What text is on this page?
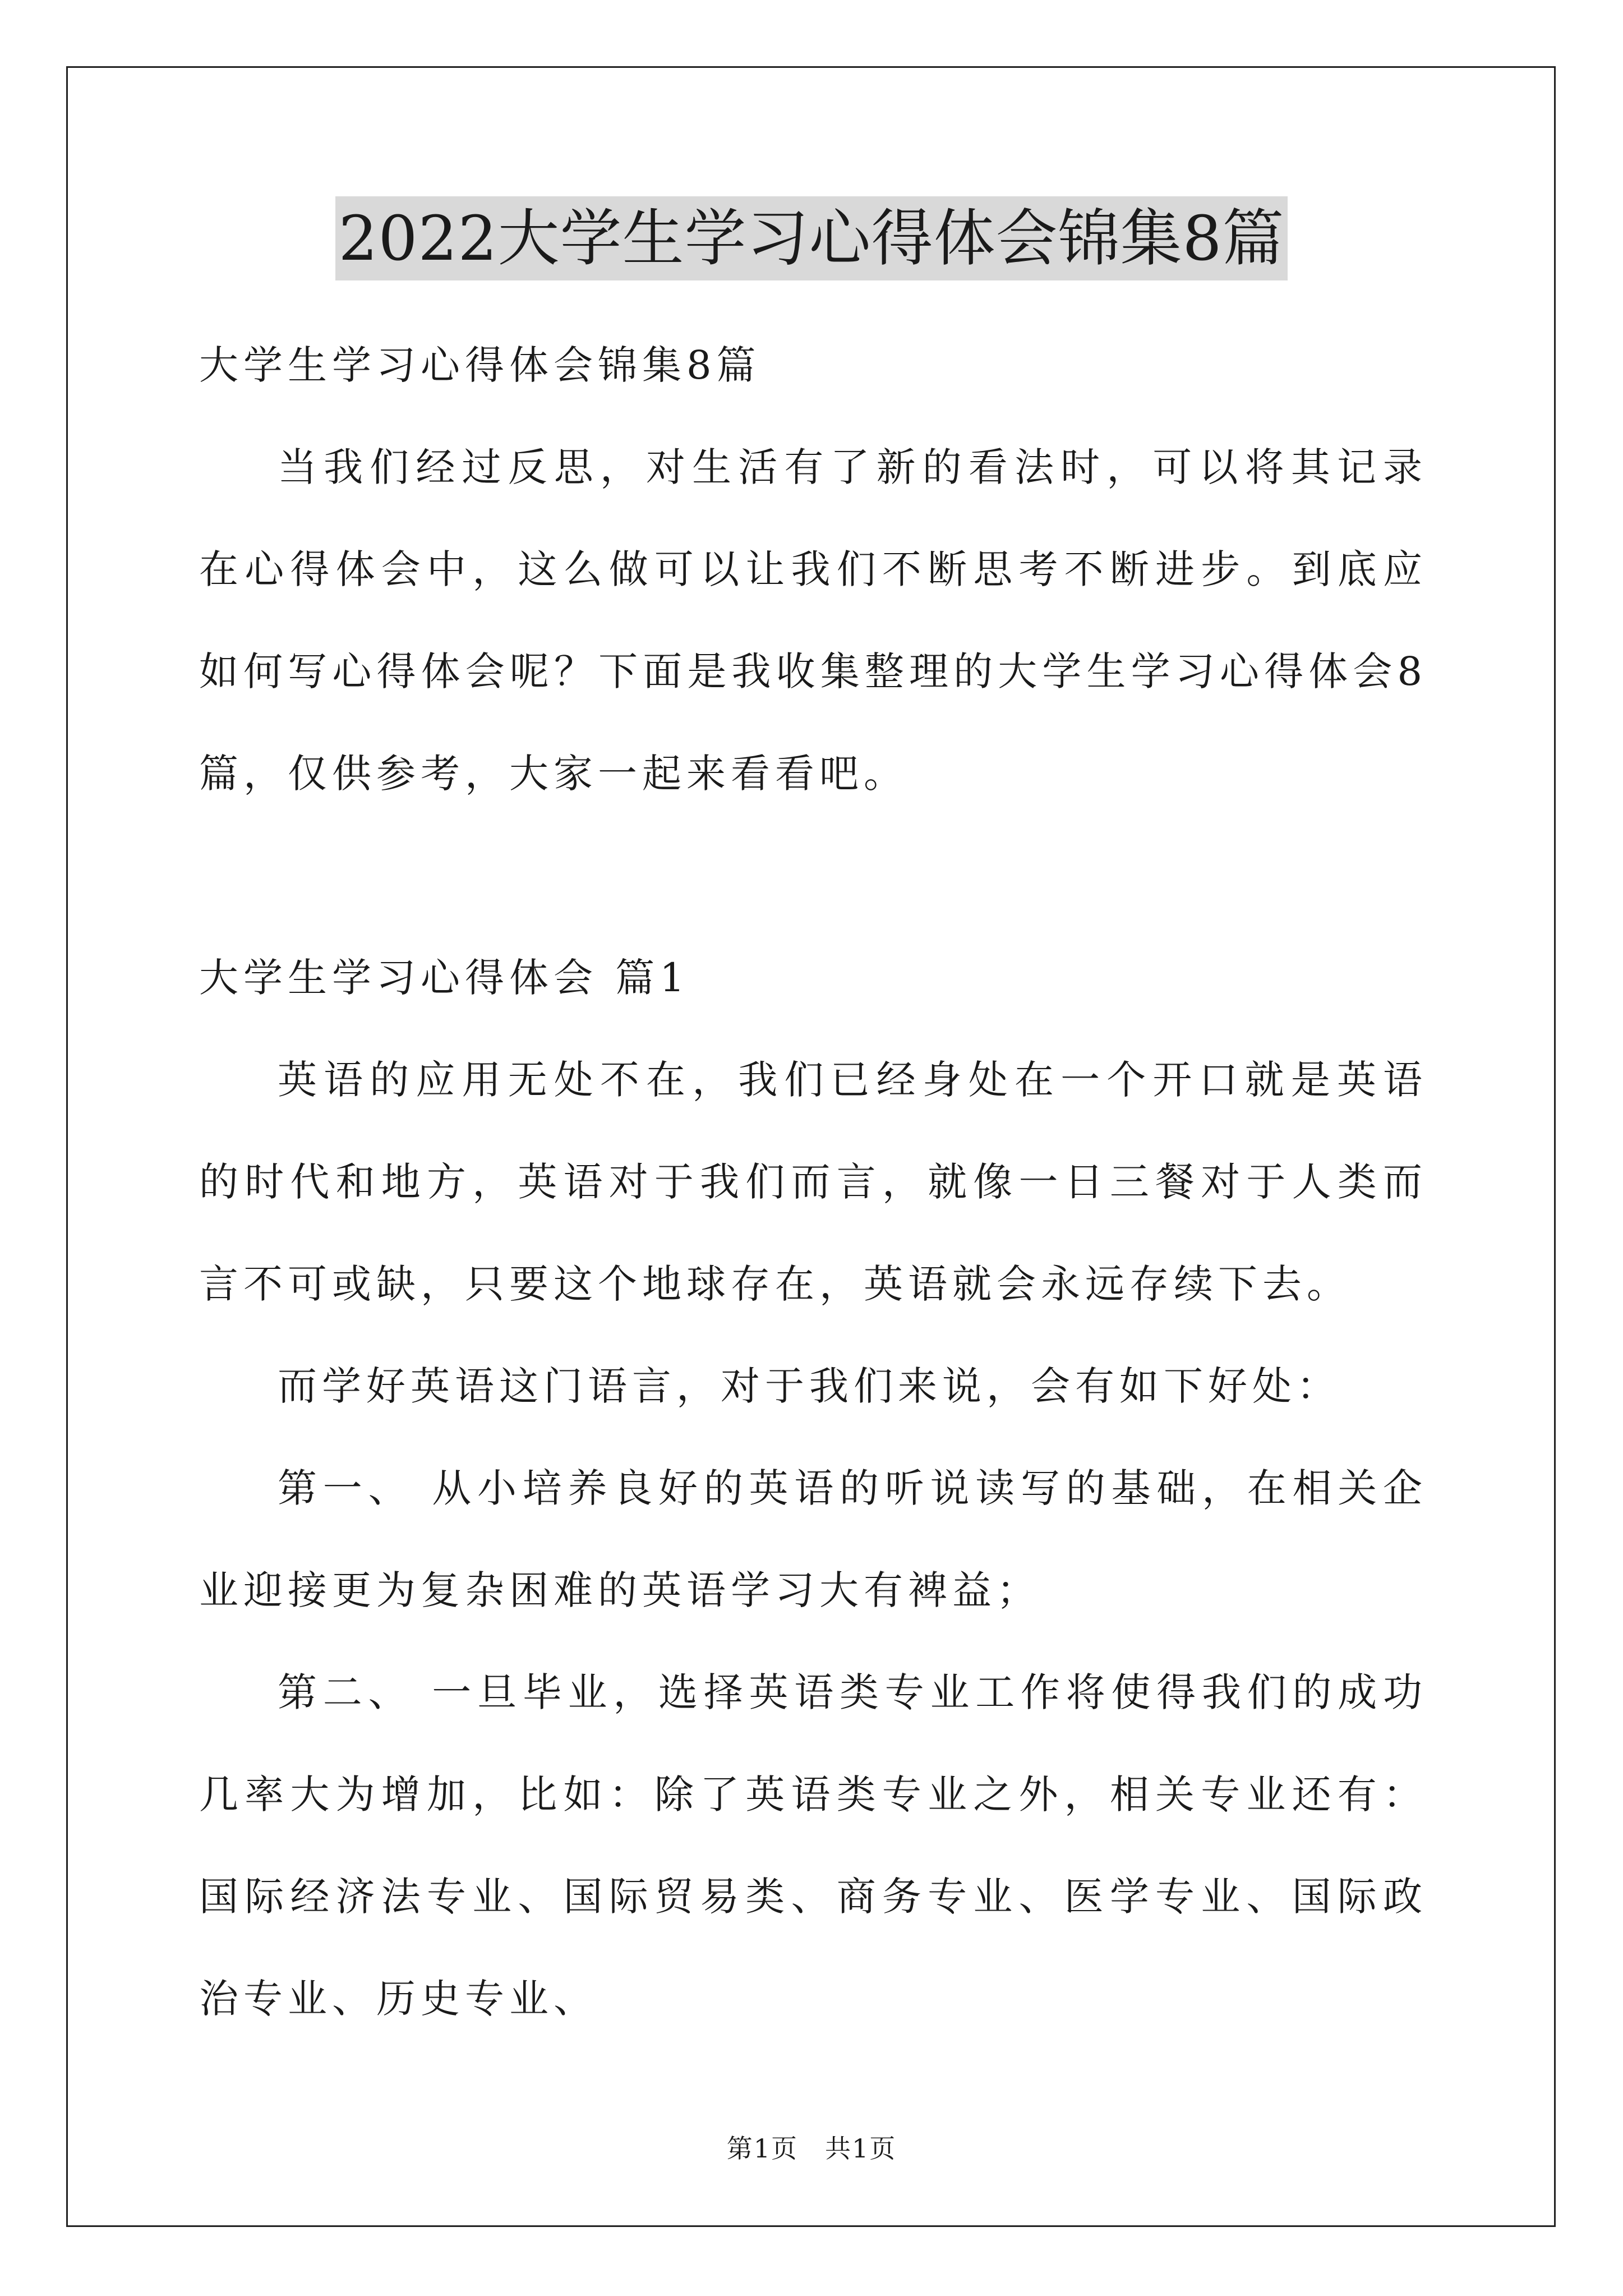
2022大学生学习心得体会锦集8篇

大学生学习心得体会锦集8篇

当我们经过反思，对生活有了新的看法时，可以将其记录在心得体会中，这么做可以让我们不断思考不断进步。到底应如何写心得体会呢？下面是我收集整理的大学生学习心得体会8篇，仅供参考，大家一起来看看吧。

大学生学习心得体会 篇1

英语的应用无处不在，我们已经身处在一个开口就是英语的时代和地方，英语对于我们而言，就像一日三餐对于人类而言不可或缺，只要这个地球存在，英语就会永远存续下去。

而学好英语这门语言，对于我们来说，会有如下好处：

第一、 从小培养良好的英语的听说读写的基础，在相关企业迎接更为复杂困难的英语学习大有裨益；

第二、 一旦毕业，选择英语类专业工作将使得我们的成功几率大为增加，比如：除了英语类专业之外，相关专业还有：国际经济法专业、国际贸易类、商务专业、医学专业、国际政治专业、历史专业、

第1页　共1页
